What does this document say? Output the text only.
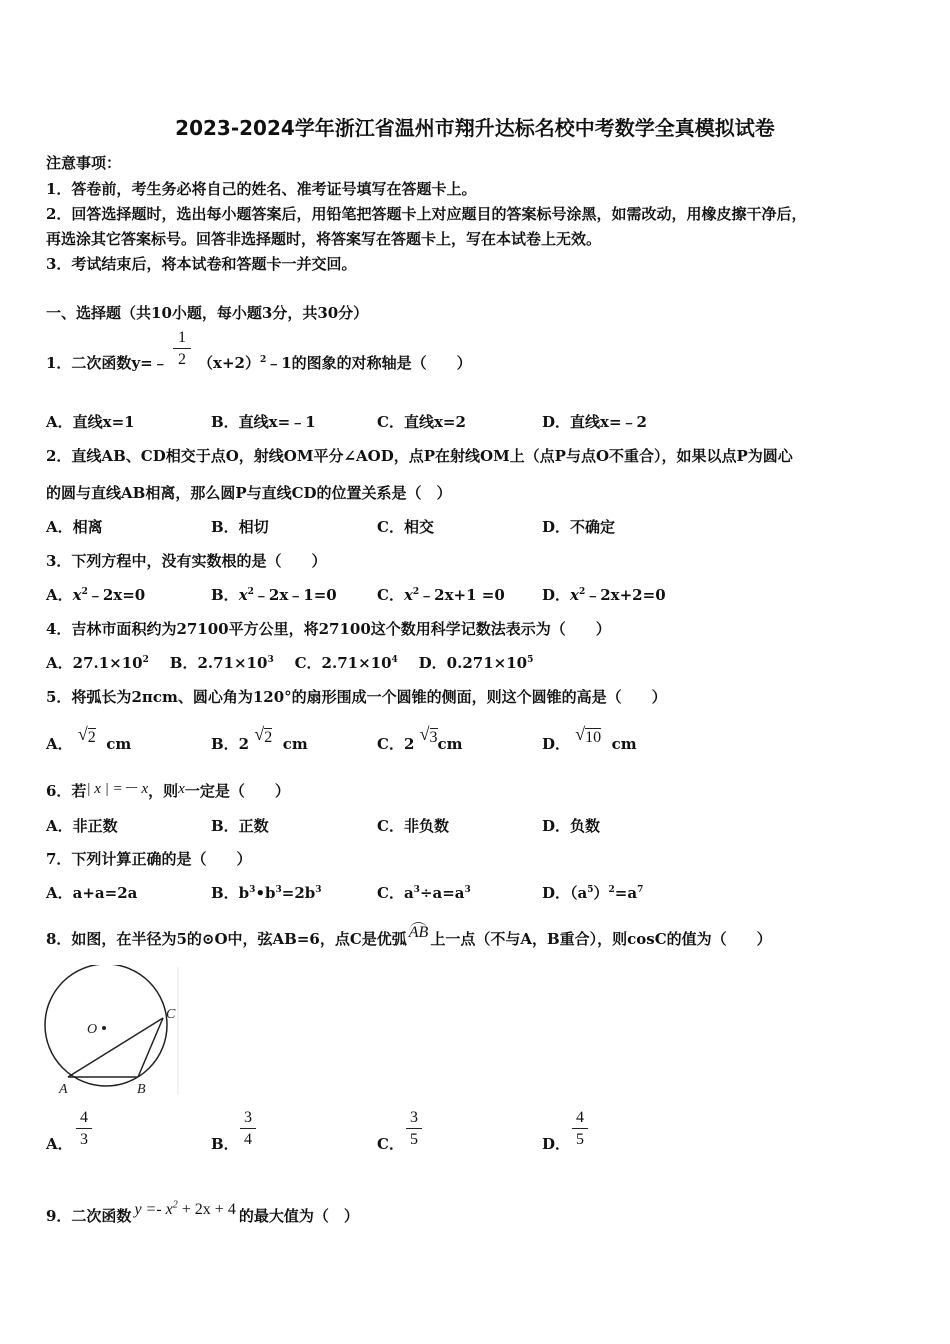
2023-2024学年浙江省温州市翔升达标名校中考数学全真模拟试卷
注意事项：
1．答卷前，考生务必将自己的姓名、准考证号填写在答题卡上。
2．回答选择题时，选出每小题答案后，用铅笔把答题卡上对应题目的答案标号涂黑，如需改动，用橡皮擦干净后，
再选涂其它答案标号。回答非选择题时，将答案写在答题卡上，写在本试卷上无效。
3．考试结束后，将本试卷和答题卡一并交回。
一、选择题（共10小题，每小题3分，共30分）
1．二次函数y=﹣ $\frac{1}{2}$ $(x+2)^2﹣1$的图象的对称轴是（　　）
A．直线x=1	B．直线x=﹣1	C．直线x=2	D．直线x=﹣2
2．直线AB、CD相交于点O，射线OM平分∠AOD，点P在射线OM上（点P与点O不重合），如果以点P为圆心
的圆与直线AB相离，那么圆P与直线CD的位置关系是（　）
A．相离	B．相切	C．相交	D．不确定
3．下列方程中，没有实数根的是（　　）
A．$x^2﹣2x=0$	B．$x^2﹣2x﹣1=0$	C．$x^2﹣2x+1 =0$ D．$x^2﹣2x+2=0$
4．吉林市面积约为27100平方公里，将27100这个数用科学记数法表示为（　　）
A．$27.1\times 10^2$ B．$2.71\times 10^3$ C．$2.71\times 10^4$ D．$0.271\times 10^5$
5．将弧长为2πcm、圆心角为120°的扇形围成一个圆锥的侧面，则这个圆锥的高是（　　）
A． √2 cm	B．2 √2 cm	C．2 √3cm	D． √10 cm
6．若| x | =－ x，则x一定是（　　）
A．非正数	B．正数	C．非负数	D．负数
7．下列计算正确的是（　　）
A．a+a=2a	B．$b^3•b^3=2b^3$	C．$a^3\div a=a^3$	D．$(a^5)^2=a^7$
8．如图，在半径为5的⊙O中，弦AB=6，点C是优弧 AB 上一点（不与A，B重合），则cosC的值为（　　）
O
A	B
C
A． $\frac{4}{3}$	B． $\frac{3}{4}$	C． $\frac{3}{5}$	D． $\frac{4}{5}$
9．二次函数 $y =- x^2 + 2x + 4$ 的最大值为（　）
